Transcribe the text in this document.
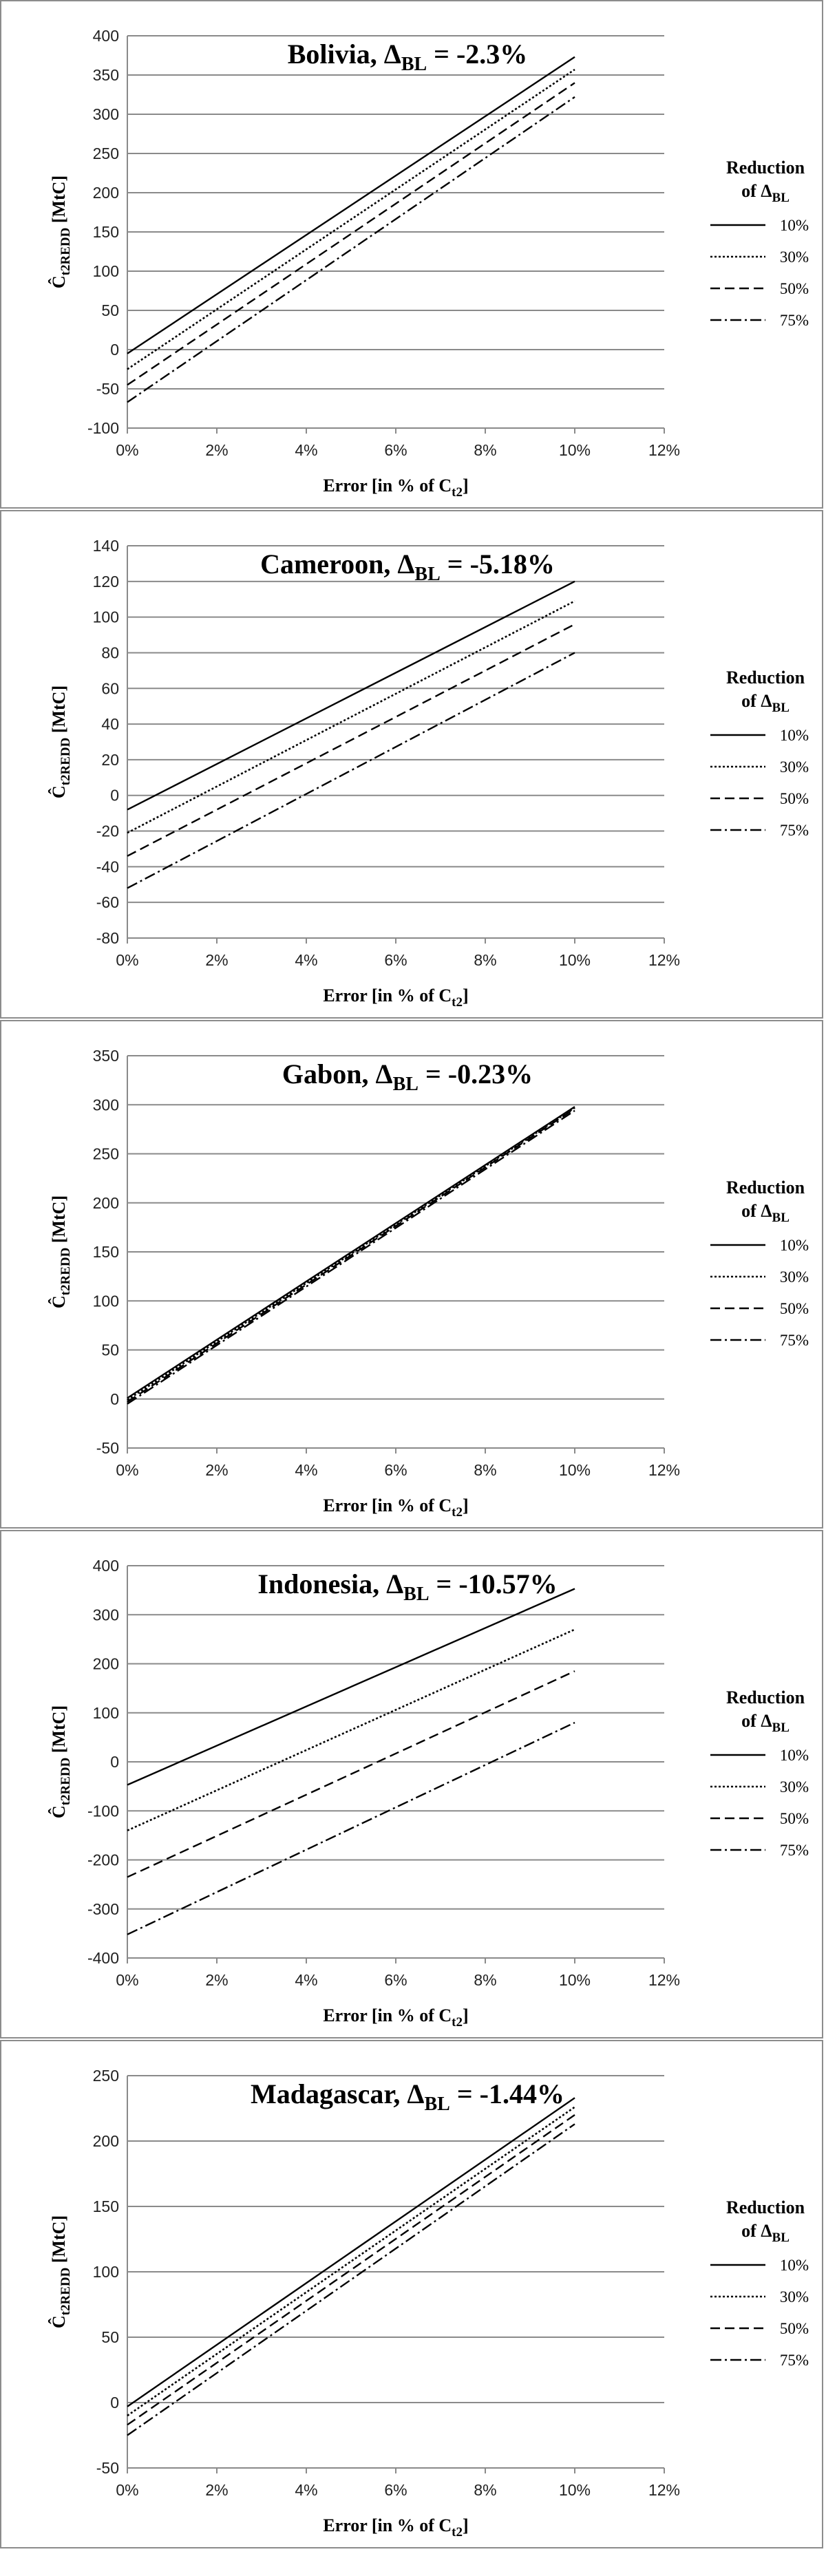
-100
-50
0
50
100
150
200
250
300
350
400
0%	2%	4%	6%	8%	10%	12%
Bolivia, $\Delta_{BL} = -2.3\%$
$Ĉ_{t2REDD}$ [MtC]
Error [in % of $C_{t2}$]
Reduction
of $\Delta_{BL}$
10%
30%
50%
75%
-80
-60
-40
-20
0
20
40
60
80
100
120
140
0%	2%	4%	6%	8%	10%	12%
Cameroon, $\Delta_{BL} = -5.18\%$
$Ĉ_{t2REDD}$ [MtC]
Error [in % of $C_{t2}$]
Reduction
of $\Delta_{BL}$
10%
30%
50%
75%
-50
0
50
100
150
200
250
300
350
0%	2%	4%	6%	8%	10%	12%
Gabon, $\Delta_{BL} = -0.23\%$
$Ĉ_{t2REDD}$ [MtC]
Error [in % of $C_{t2}$]
Reduction
of $\Delta_{BL}$
10%
30%
50%
75%
-400
-300
-200
-100
0
100
200
300
400
0%	2%	4%	6%	8%	10%	12%
Indonesia, $\Delta_{BL} = -10.57\%$
$Ĉ_{t2REDD}$ [MtC]
Error [in % of $C_{t2}$]
Reduction
of $\Delta_{BL}$
10%
30%
50%
75%
-50
0
50
100
150
200
250
0%	2%	4%	6%	8%	10%	12%
Madagascar, $\Delta_{BL} = -1.44\%$
$Ĉ_{t2REDD}$ [MtC]
Error [in % of $C_{t2}$]
Reduction
of $\Delta_{BL}$
10%
30%
50%
75%
